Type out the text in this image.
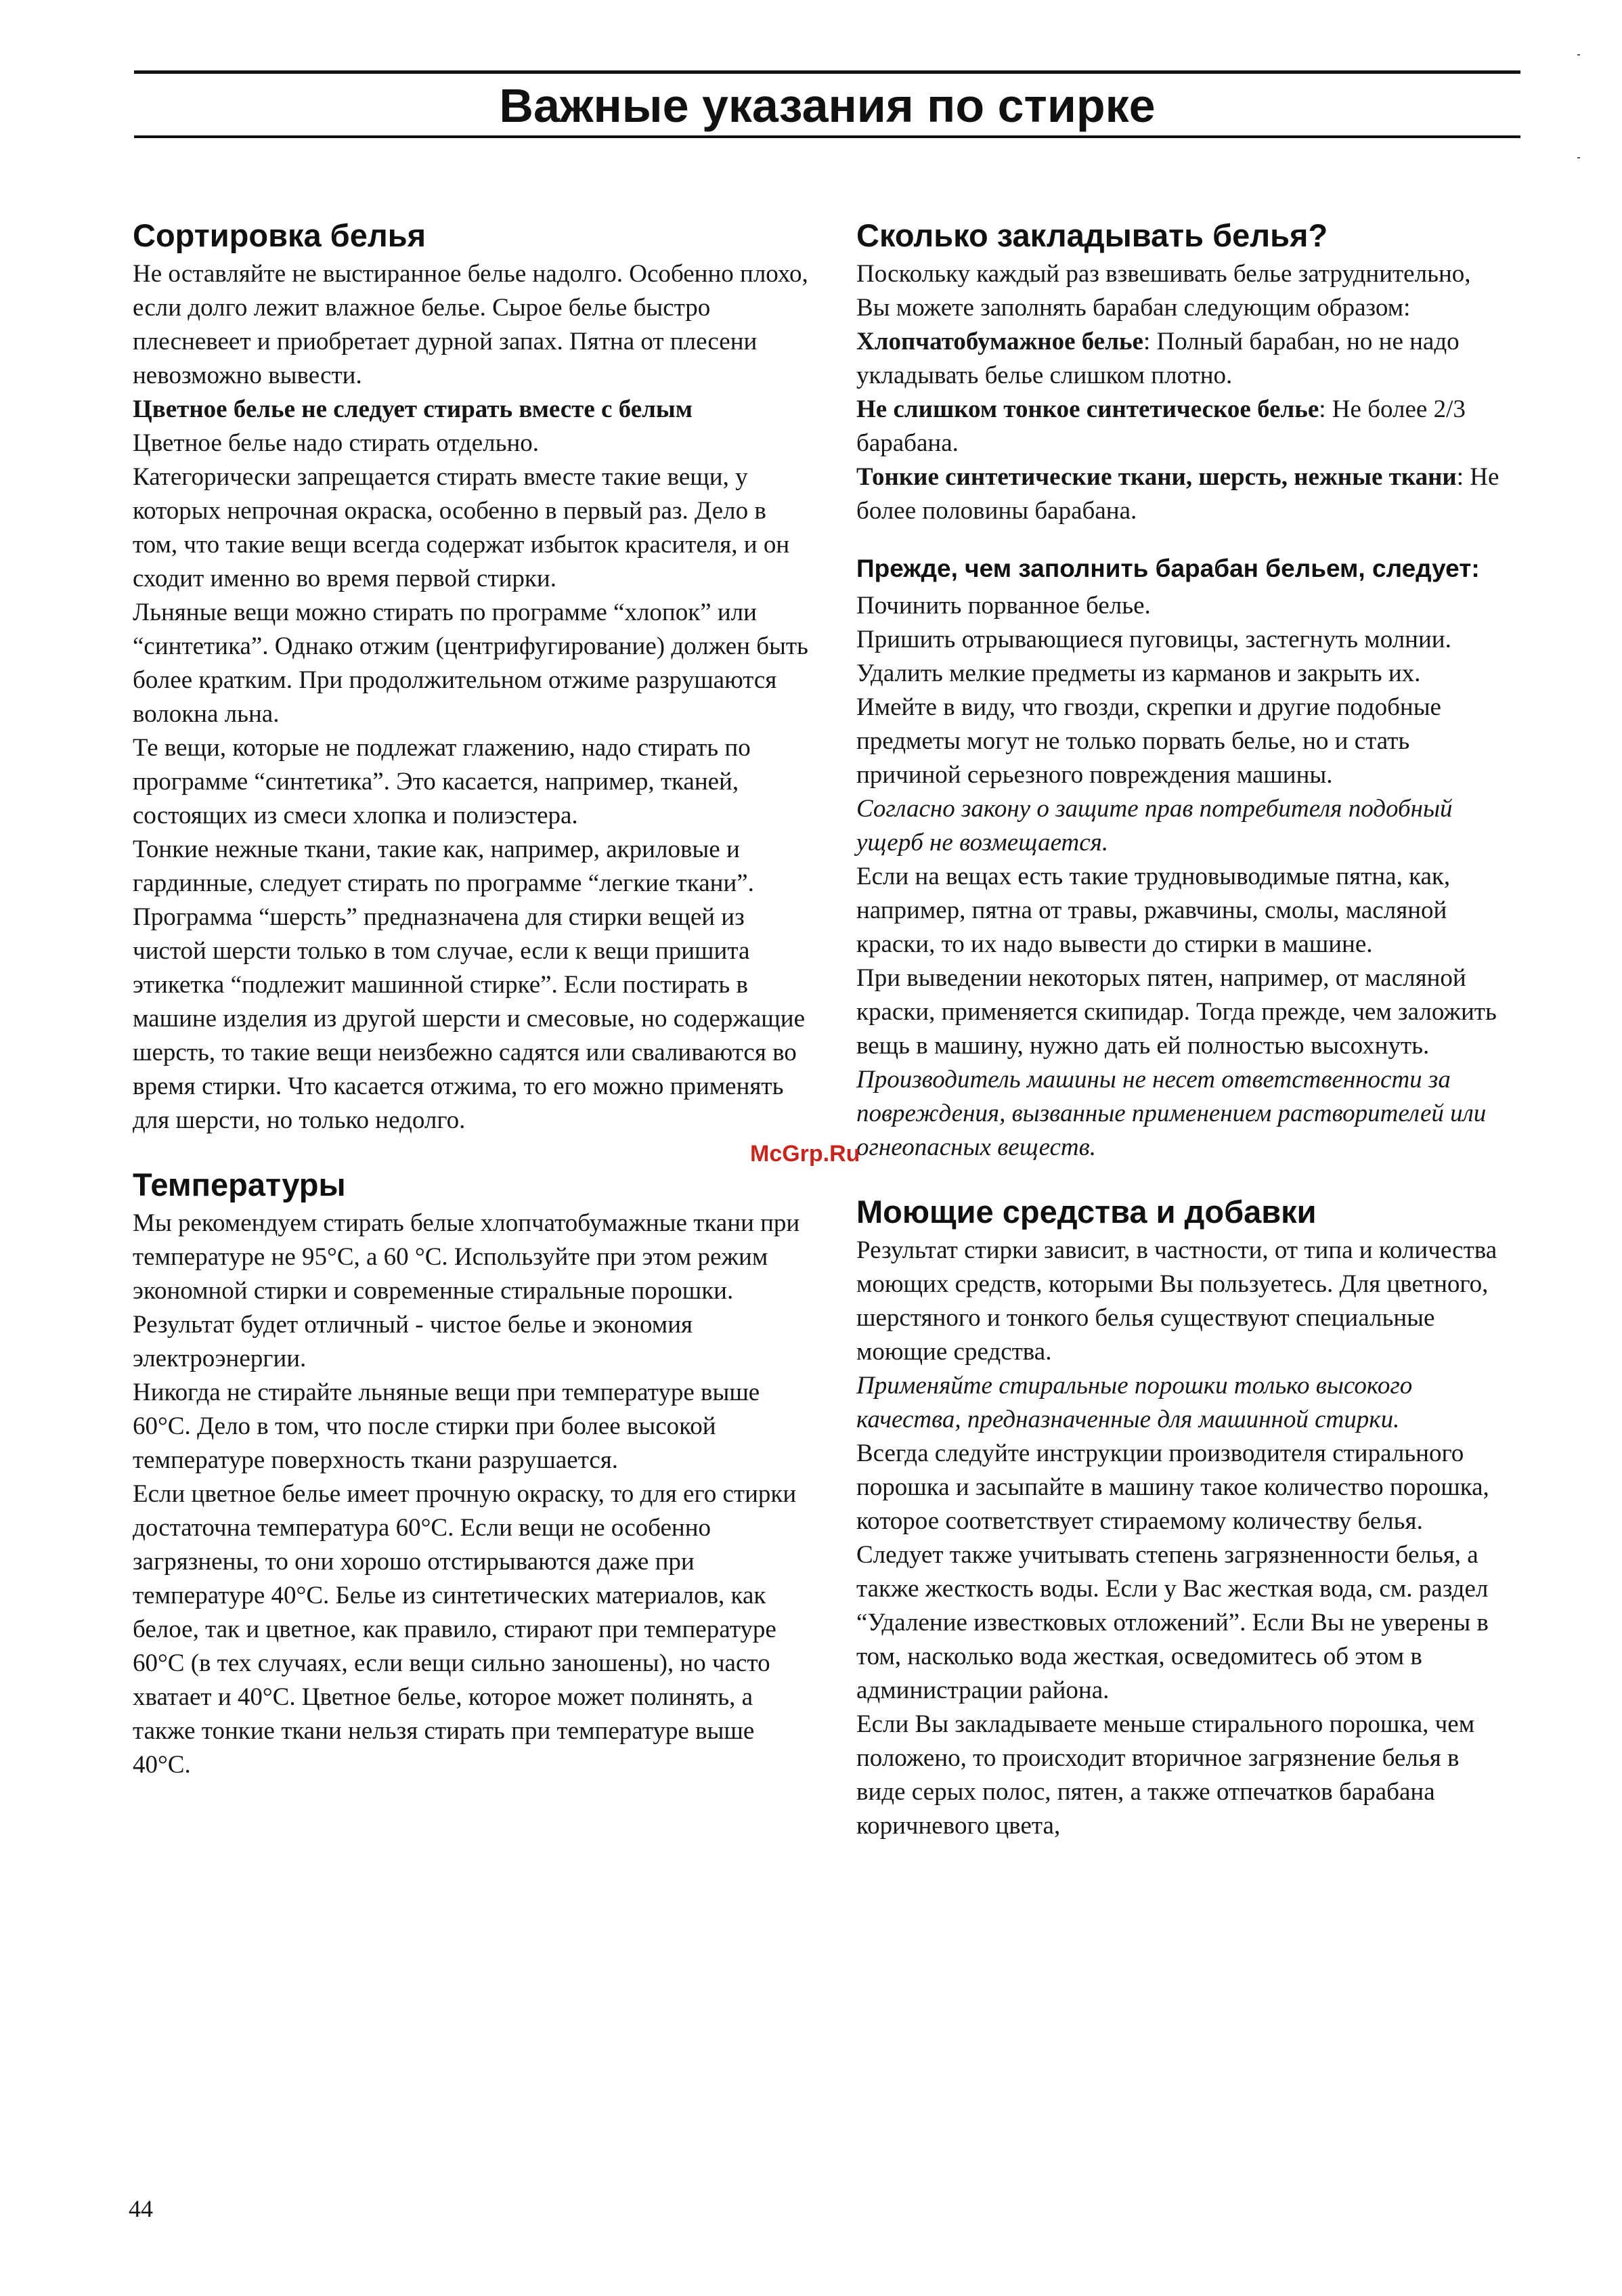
Важные указания по стирке
Сортировка белья

Не оставляйте не выстиранное белье надолго. Особенно плохо, если долго лежит влажное белье. Сырое белье быстро плесневеет и приобретает дурной запах. Пятна от плесени невозможно вывести.

Цветное белье не следует стирать вместе с белым

Цветное белье надо стирать отдельно.

Категорически запрещается стирать вместе такие вещи, у которых непрочная окраска, особенно в первый раз. Дело в том, что такие вещи всегда содержат избыток красителя, и он сходит именно во время первой стирки.

Льняные вещи можно стирать по программе “хлопок” или “синтетика”. Однако отжим (центрифугирование) должен быть более кратким. При продолжительном отжиме разрушаются волокна льна.

Те вещи, которые не подлежат глажению, надо стирать по программе “синтетика”. Это касается, например, тканей, состоящих из смеси хлопка и полиэстера.

Тонкие нежные ткани, такие как, например, акриловые и гардинные, следует стирать по программе “легкие ткани”.

Программа “шерсть” предназначена для стирки вещей из чистой шерсти только в том случае, если к вещи пришита этикетка “подлежит машинной стирке”. Если постирать в машине изделия из другой шерсти и смесовые, но содержащие шерсть, то такие вещи неизбежно садятся или сваливаются во время стирки. Что касается отжима, то его можно применять для шерсти, но только недолго.

Температуры

Мы рекомендуем стирать белые хлопчатобумажные ткани при температуре не 95°С, а 60 °С. Используйте при этом режим экономной стирки и современные стиральные порошки. Результат будет отличный - чистое белье и экономия электроэнергии.

Никогда не стирайте льняные вещи при температуре выше 60°С. Дело в том, что после стирки при более высокой температуре поверхность ткани разрушается.

Если цветное белье имеет прочную окраску, то для его стирки достаточна температура 60°С. Если вещи не особенно загрязнены, то они хорошо отстирываются даже при температуре 40°С. Белье из синтетических материалов, как белое, так и цветное, как правило, стирают при температуре 60°С (в тех случаях, если вещи сильно заношены), но часто хватает и 40°С. Цветное белье, которое может полинять, а также тонкие ткани нельзя стирать при температуре выше 40°С.

Сколько закладывать белья?

Поскольку каждый раз взвешивать белье затруднительно, Вы можете заполнять барабан следующим образом:

Хлопчатобумажное белье: Полный барабан, но не надо укладывать белье слишком плотно.

Не слишком тонкое синтетическое белье: Не более 2/3 барабана.

Тонкие синтетические ткани, шерсть, нежные ткани: Не более половины барабана.

Прежде, чем заполнить барабан бельем, следует:

Починить порванное белье.

Пришить отрывающиеся пуговицы, застегнуть молнии.

Удалить мелкие предметы из карманов и закрыть их. Имейте в виду, что гвозди, скрепки и другие подобные предметы могут не только порвать белье, но и стать причиной серьезного повреждения машины.

Согласно закону о защите прав потребителя подобный ущерб не возмещается.

Если на вещах есть такие трудновыводимые пятна, как, например, пятна от травы, ржавчины, смолы, масляной краски, то их надо вывести до стирки в машине.

При выведении некоторых пятен, например, от масляной краски, применяется скипидар. Тогда прежде, чем заложить вещь в машину, нужно дать ей полностью высохнуть.

Производитель машины не несет ответственности за повреждения, вызванные применением растворителей или огнеопасных веществ.

Моющие средства и добавки

Результат стирки зависит, в частности, от типа и количества моющих средств, которыми Вы пользуетесь. Для цветного, шерстяного и тонкого белья существуют специальные моющие средства.

Применяйте стиральные порошки только высокого качества, предназначенные для машинной стирки.

Всегда следуйте инструкции производителя стирального порошка и засыпайте в машину такое количество порошка, которое соответствует стираемому количеству белья. Следует также учитывать степень загрязненности белья, а также жесткость воды. Если у Вас жесткая вода, см. раздел “Удаление известковых отложений”. Если Вы не уверены в том, насколько вода жесткая, осведомитесь об этом в администрации района.

Если Вы закладываете меньше стирального порошка, чем положено, то происходит вторичное загрязнение белья в виде серых полос, пятен, а также отпечатков барабана коричневого цвета,

McGrp.Ru

44
